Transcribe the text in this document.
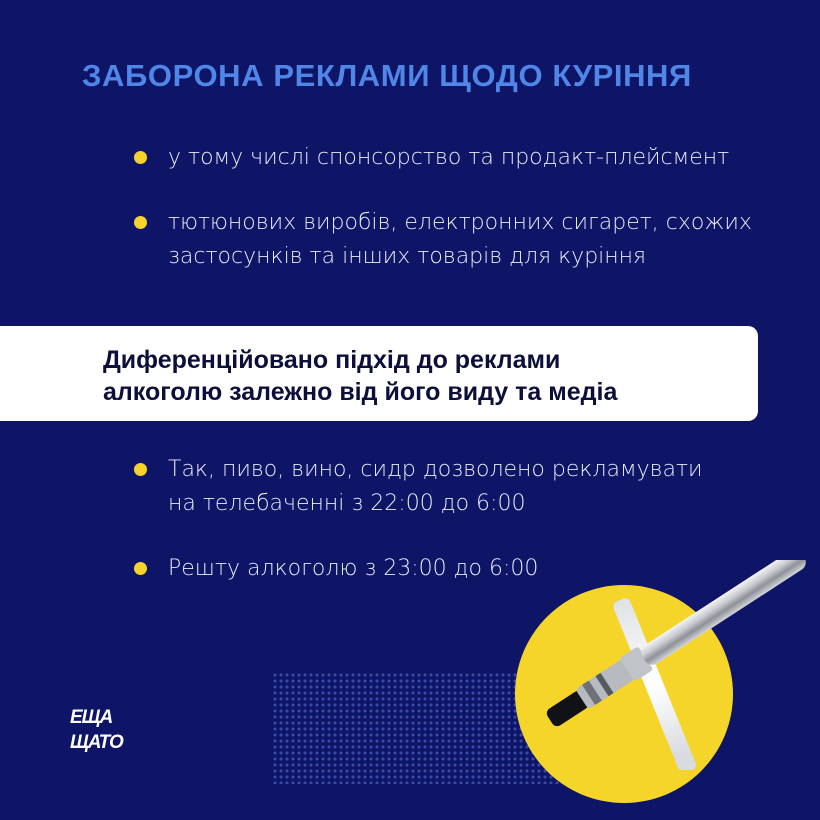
ЗАБОРОНА РЕКЛАМИ ЩОДО КУРІННЯ
у тому числі спонсорство та продакт-плейсмент
тютюнових виробів, електронних сигарет, схожих
застосунків та інших товарів для куріння
Диференційовано підхід до реклами
алкоголю залежно від його виду та медіа
Так, пиво, вино, сидр дозволено рекламувати
на телебаченні з 22:00 до 6:00
Решту алкоголю з 23:00 до 6:00
ЕЩА
ЩАТО
